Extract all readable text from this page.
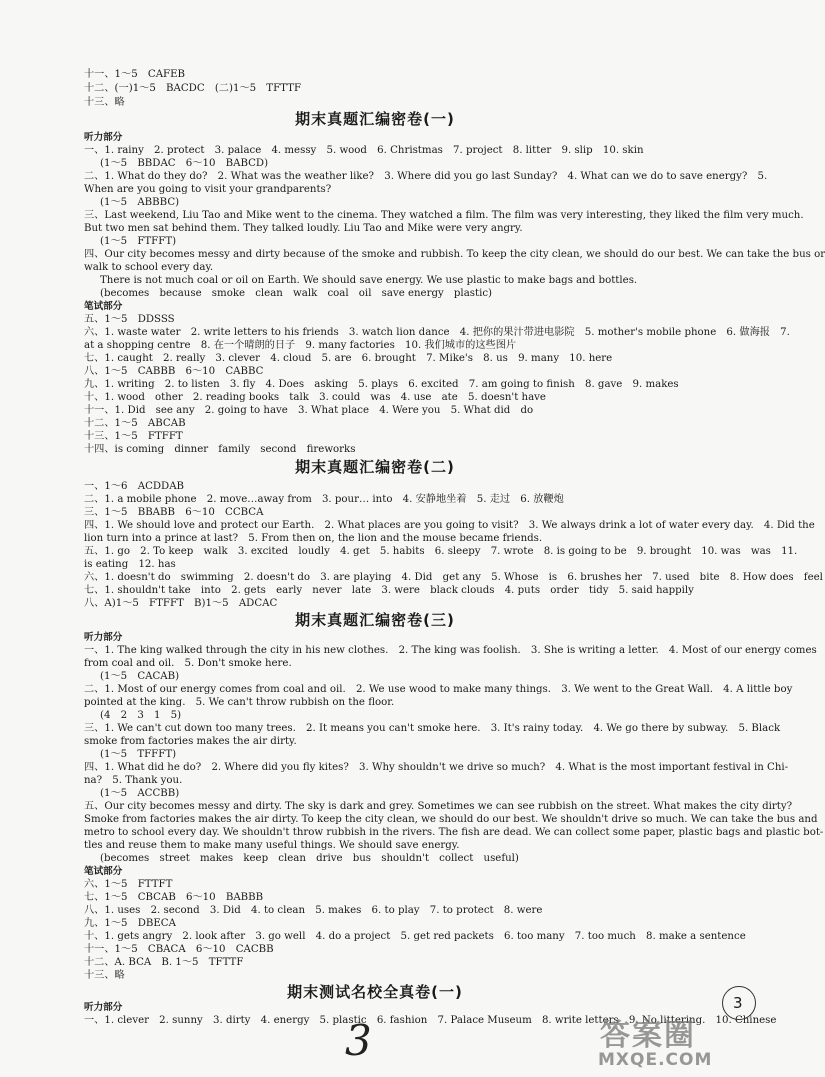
十一、1～5　CAFEB
十二、(一)1～5　BACDC　(二)1～5　TFTTF
十三、略
期末真题汇编密卷(一)
听力部分
一、1. rainy　2. protect　3. palace　4. messy　5. wood　6. Christmas　7. project　8. litter　9. slip　10. skin
(1～5　BBDAC　6～10　BABCD)
二、1. What do they do?　2. What was the weather like?　3. Where did you go last Sunday?　4. What can we do to save energy?　5.
When are you going to visit your grandparents?
(1～5　ABBBC)
三、Last weekend, Liu Tao and Mike went to the cinema. They watched a film. The film was very interesting, they liked the film very much.
But two men sat behind them. They talked loudly. Liu Tao and Mike were very angry.
(1～5　FTFFT)
四、Our city becomes messy and dirty because of the smoke and rubbish. To keep the city clean, we should do our best. We can take the bus or
walk to school every day.
There is not much coal or oil on Earth. We should save energy. We use plastic to make bags and bottles.
(becomes　because　smoke　clean　walk　coal　oil　save energy　plastic)
笔试部分
五、1～5　DDSSS
六、1. waste water　2. write letters to his friends　3. watch lion dance　4. 把你的果汁带进电影院　5. mother's mobile phone　6. 做海报　7.
at a shopping centre　8. 在一个晴朗的日子　9. many factories　10. 我们城市的这些图片
七、1. caught　2. really　3. clever　4. cloud　5. are　6. brought　7. Mike's　8. us　9. many　10. here
八、1～5　CABBB　6～10　CABBC
九、1. writing　2. to listen　3. fly　4. Does　asking　5. plays　6. excited　7. am going to finish　8. gave　9. makes
十、1. wood　other　2. reading books　talk　3. could　was　4. use　ate　5. doesn't have
十一、1. Did　see any　2. going to have　3. What place　4. Were you　5. What did　do
十二、1～5　ABCAB
十三、1～5　FTFFT
十四、is coming　dinner　family　second　fireworks
期末真题汇编密卷(二)
一、1～6　ACDDAB
二、1. a mobile phone　2. move…away from　3. pour… into　4. 安静地坐着　5. 走过　6. 放鞭炮
三、1～5　BBABB　6～10　CCBCA
四、1. We should love and protect our Earth.　2. What places are you going to visit?　3. We always drink a lot of water every day.　4. Did the
lion turn into a prince at last?　5. From then on, the lion and the mouse became friends.
五、1. go　2. To keep　walk　3. excited　loudly　4. get　5. habits　6. sleepy　7. wrote　8. is going to be　9. brought　10. was　was　11.
is eating　12. has
六、1. doesn't do　swimming　2. doesn't do　3. are playing　4. Did　get any　5. Whose　is　6. brushes her　7. used　bite　8. How does　feel
七、1. shouldn't take　into　2. gets　early　never　late　3. were　black clouds　4. puts　order　tidy　5. said happily
八、A)1～5　FTFFT　B)1～5　ADCAC
期末真题汇编密卷(三)
听力部分
一、1. The king walked through the city in his new clothes.　2. The king was foolish.　3. She is writing a letter.　4. Most of our energy comes
from coal and oil.　5. Don't smoke here.
(1～5　CACAB)
二、1. Most of our energy comes from coal and oil.　2. We use wood to make many things.　3. We went to the Great Wall.　4. A little boy
pointed at the king.　5. We can't throw rubbish on the floor.
(4　2　3　1　5)
三、1. We can't cut down too many trees.　2. It means you can't smoke here.　3. It's rainy today.　4. We go there by subway.　5. Black
smoke from factories makes the air dirty.
(1～5　TFFFT)
四、1. What did he do?　2. Where did you fly kites?　3. Why shouldn't we drive so much?　4. What is the most important festival in Chi-
na?　5. Thank you.
(1～5　ACCBB)
五、Our city becomes messy and dirty. The sky is dark and grey. Sometimes we can see rubbish on the street. What makes the city dirty?
Smoke from factories makes the air dirty. To keep the city clean, we should do our best. We shouldn't drive so much. We can take the bus and
metro to school every day. We shouldn't throw rubbish in the rivers. The fish are dead. We can collect some paper, plastic bags and plastic bot-
tles and reuse them to make many useful things. We should save energy.
(becomes　street　makes　keep　clean　drive　bus　shouldn't　collect　useful)
笔试部分
六、1～5　FTTFT
七、1～5　CBCAB　6～10　BABBB
八、1. uses　2. second　3. Did　4. to clean　5. makes　6. to play　7. to protect　8. were
九、1～5　DBECA
十、1. gets angry　2. look after　3. go well　4. do a project　5. get red packets　6. too many　7. too much　8. make a sentence
十一、1～5　CBACA　6～10　CACBB
十二、A. BCA　B. 1～5　TFTTF
十三、略
期末测试名校全真卷(一)
听力部分
一、1. clever　2. sunny　3. dirty　4. energy　5. plastic　6. fashion　7. Palace Museum　8. write letters　9. No littering.　10. Chinese
3
3
答案圈
MXQE.COM
